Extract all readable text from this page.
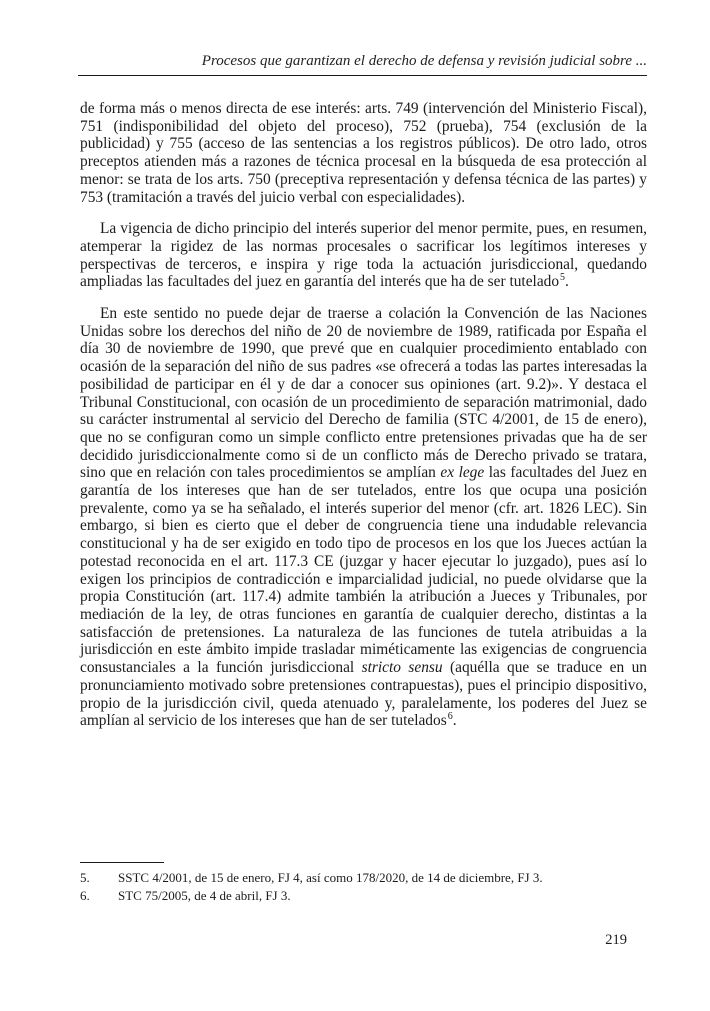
Procesos que garantizan el derecho de defensa y revisión judicial sobre ...

de forma más o menos directa de ese interés: arts. 749 (intervención del Ministerio Fiscal), 751 (indisponibilidad del objeto del proceso), 752 (prueba), 754 (exclusión de la publicidad) y 755 (acceso de las sentencias a los registros públicos). De otro lado, otros preceptos atienden más a razones de técnica procesal en la búsqueda de esa protección al menor: se trata de los arts. 750 (preceptiva representación y defensa técnica de las partes) y 753 (tramitación a través del juicio verbal con especialidades).

La vigencia de dicho principio del interés superior del menor permite, pues, en resumen, atemperar la rigidez de las normas procesales o sacrificar los legítimos intereses y perspectivas de terceros, e inspira y rige toda la actuación jurisdiccional, quedando ampliadas las facultades del juez en garantía del interés que ha de ser tutelado$^5$.

En este sentido no puede dejar de traerse a colación la Convención de las Naciones Unidas sobre los derechos del niño de 20 de noviembre de 1989, ratificada por España el día 30 de noviembre de 1990, que prevé que en cualquier procedimiento entablado con ocasión de la separación del niño de sus padres «se ofrecerá a todas las partes interesadas la posibilidad de participar en él y de dar a conocer sus opiniones (art. 9.2)». Y destaca el Tribunal Constitucional, con ocasión de un procedimiento de separación matrimonial, dado su carácter instrumental al servicio del Derecho de familia (STC 4/2001, de 15 de enero), que no se configuran como un simple conflicto entre pretensiones privadas que ha de ser decidido jurisdiccionalmente como si de un conflicto más de Derecho privado se tratara, sino que en relación con tales procedimientos se amplían ex lege las facultades del Juez en garantía de los intereses que han de ser tutelados, entre los que ocupa una posición prevalente, como ya se ha señalado, el interés superior del menor (cfr. art. 1826 LEC). Sin embargo, si bien es cierto que el deber de congruencia tiene una indudable relevancia constitucional y ha de ser exigido en todo tipo de procesos en los que los Jueces actúan la potestad reconocida en el art. 117.3 CE (juzgar y hacer ejecutar lo juzgado), pues así lo exigen los principios de contradicción e imparcialidad judicial, no puede olvidarse que la propia Constitución (art. 117.4) admite también la atribución a Jueces y Tribunales, por mediación de la ley, de otras funciones en garantía de cualquier derecho, distintas a la satisfacción de pretensiones. La naturaleza de las funciones de tutela atribuidas a la jurisdicción en este ámbito impide trasladar miméticamente las exigencias de congruencia consustanciales a la función jurisdiccional stricto sensu (aquélla que se traduce en un pronunciamiento motivado sobre pretensiones contrapuestas), pues el principio dispositivo, propio de la jurisdicción civil, queda atenuado y, paralelamente, los poderes del Juez se amplían al servicio de los intereses que han de ser tutelados$^6$.

5.	SSTC 4/2001, de 15 de enero, FJ 4, así como 178/2020, de 14 de diciembre, FJ 3.
6.	STC 75/2005, de 4 de abril, FJ 3.
219
